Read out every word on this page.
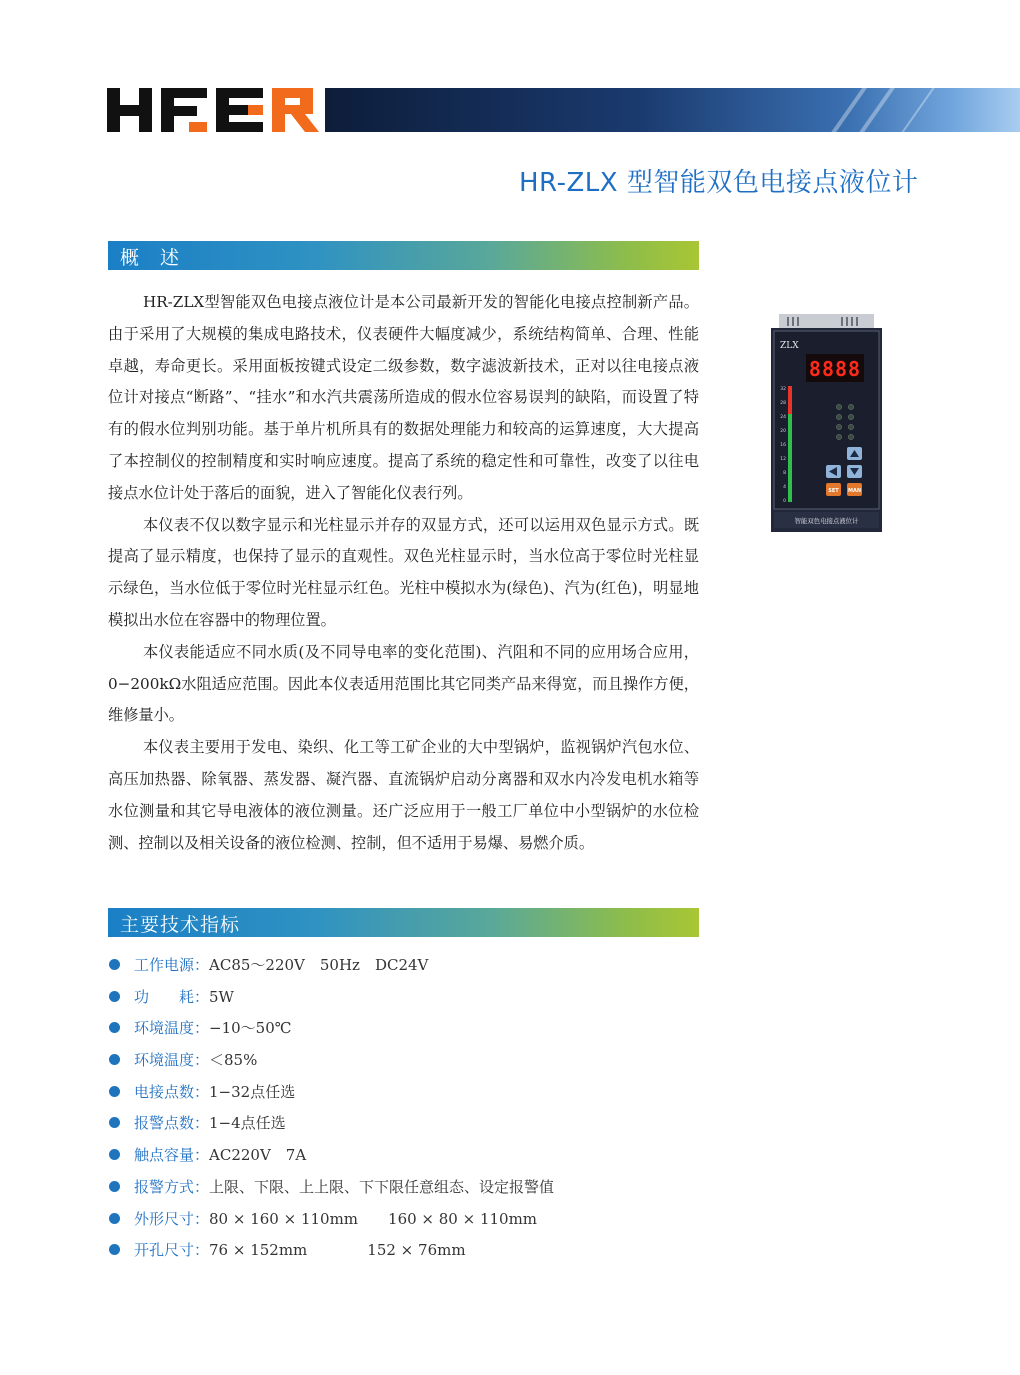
HR-ZLX 型智能双色电接点液位计
概　述

HR-ZLX型智能双色电接点液位计是本公司最新开发的智能化电接点控制新产品。由于采用了大规模的集成电路技术，仪表硬件大幅度减少，系统结构简单、合理、性能卓越，寿命更长。采用面板按键式设定二级参数，数字滤波新技术，正对以往电接点液位计对接点“断路”、“挂水”和水汽共震荡所造成的假水位容易误判的缺陷，而设置了特有的假水位判别功能。基于单片机所具有的数据处理能力和较高的运算速度，大大提高了本控制仪的控制精度和实时响应速度。提高了系统的稳定性和可靠性，改变了以往电接点水位计处于落后的面貌，进入了智能化仪表行列。

本仪表不仅以数字显示和光柱显示并存的双显方式，还可以运用双色显示方式。既提高了显示精度，也保持了显示的直观性。双色光柱显示时，当水位高于零位时光柱显示绿色，当水位低于零位时光柱显示红色。光柱中模拟水为(绿色)、汽为(红色)，明显地模拟出水位在容器中的物理位置。

本仪表能适应不同水质(及不同导电率的变化范围)、汽阻和不同的应用场合应用，0−200kΩ水阻适应范围。因此本仪表适用范围比其它同类产品来得宽，而且操作方便，维修量小。

本仪表主要用于发电、染织、化工等工矿企业的大中型锅炉，监视锅炉汽包水位、高压加热器、除氧器、蒸发器、凝汽器、直流锅炉启动分离器和双水内冷发电机水箱等水位测量和其它导电液体的液位测量。还广泛应用于一般工厂单位中小型锅炉的水位检测、控制以及相关设备的液位检测、控制，但不适用于易爆、易燃介质。

ZLX
8888
32
28
24
20
16
12
8
4
0
SET MAN
智能双色电接点液位计
主要技术指标
工作电源： AC85～220V　50Hz　DC24V
功　　耗： 5W
环境温度： −10～50℃
环境温度： ＜85%
电接点数： 1−32点任选
报警点数： 1−4点任选
触点容量： AC220V　7A
报警方式： 上限、下限、上上限、下下限任意组态、设定报警值
外形尺寸： 80 × 160 × 110mm　　160 × 80 × 110mm
开孔尺寸： 76 × 152mm　　　　152 × 76mm
